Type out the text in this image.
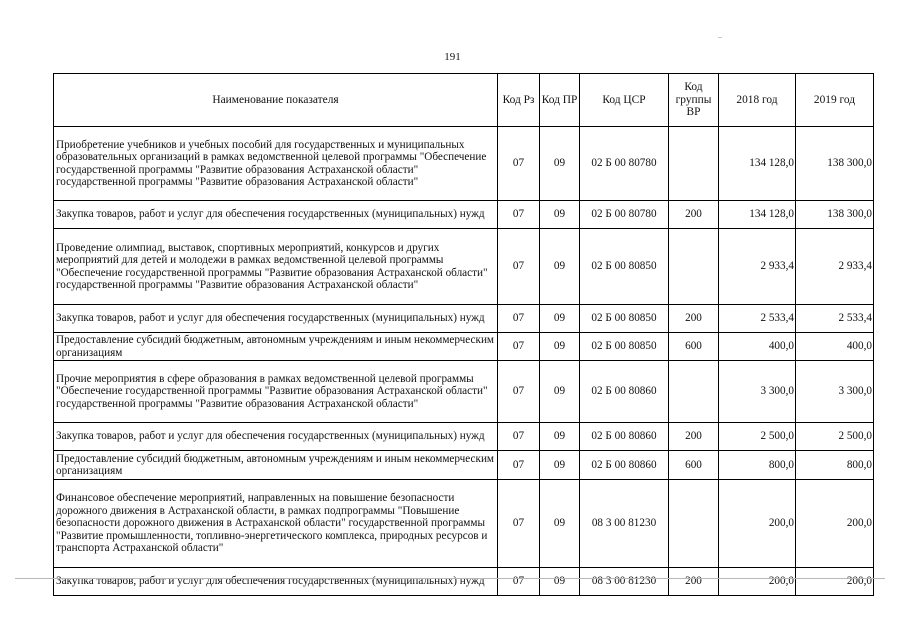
191
Наименование показателя	Код Рз	Код ПР	Код ЦСР	Код группы ВР	2018 год	2019 год
Приобретение учебников и учебных пособий для государственных и муниципальных образовательных организаций в рамках ведомственной целевой программы "Обеспечение государственной программы "Развитие образования Астраханской области" государственной программы "Развитие образования Астраханской области"	07	09	02 Б 00 80780		134 128,0	138 300,0
Закупка товаров, работ и услуг для обеспечения государственных (муниципальных) нужд	07	09	02 Б 00 80780	200	134 128,0	138 300,0
Проведение олимпиад, выставок, спортивных мероприятий, конкурсов и других мероприятий для детей и молодежи в рамках ведомственной целевой программы "Обеспечение государственной программы "Развитие образования Астраханской области" государственной программы "Развитие образования Астраханской области"	07	09	02 Б 00 80850		2 933,4	2 933,4
Закупка товаров, работ и услуг для обеспечения государственных (муниципальных) нужд	07	09	02 Б 00 80850	200	2 533,4	2 533,4
Предоставление субсидий бюджетным, автономным учреждениям и иным некоммерческим организациям	07	09	02 Б 00 80850	600	400,0	400,0
Прочие мероприятия в сфере образования в рамках ведомственной целевой программы "Обеспечение государственной программы "Развитие образования Астраханской области" государственной программы "Развитие образования Астраханской области"	07	09	02 Б 00 80860		3 300,0	3 300,0
Закупка товаров, работ и услуг для обеспечения государственных (муниципальных) нужд	07	09	02 Б 00 80860	200	2 500,0	2 500,0
Предоставление субсидий бюджетным, автономным учреждениям и иным некоммерческим организациям	07	09	02 Б 00 80860	600	800,0	800,0
Финансовое обеспечение мероприятий, направленных на повышение безопасности дорожного движения в Астраханской области, в рамках подпрограммы "Повышение безопасности дорожного движения в Астраханской области" государственной программы "Развитие промышленности, топливно-энергетического комплекса, природных ресурсов и транспорта Астраханской области"	07	09	08 3 00 81230		200,0	200,0
Закупка товаров, работ и услуг для обеспечения государственных (муниципальных) нужд	07	09	08 3 00 81230	200	200,0	200,0
